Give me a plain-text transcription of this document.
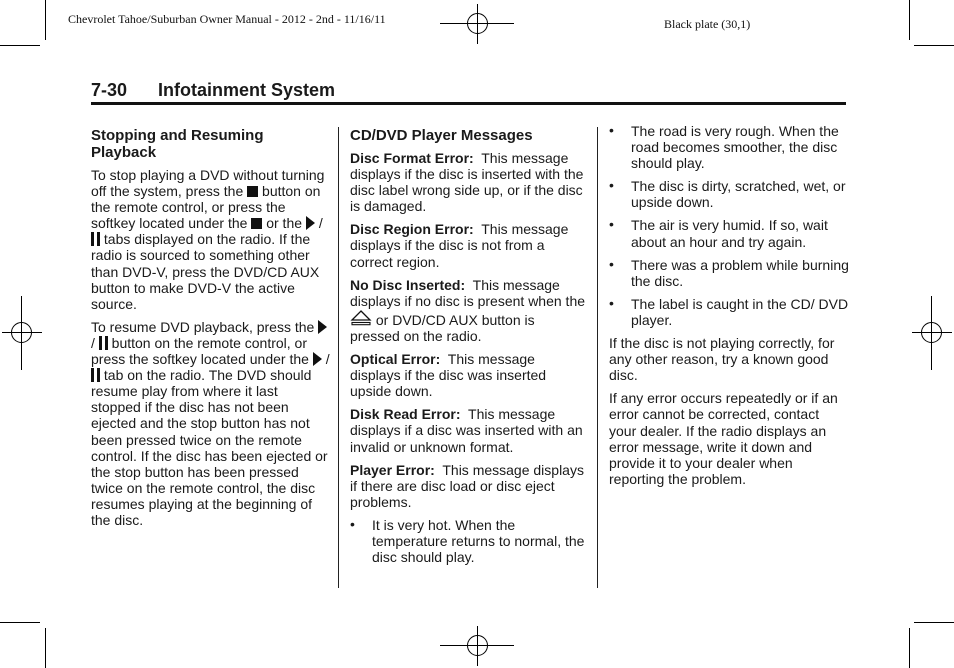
Chevrolet Tahoe/Suburban Owner Manual - 2012 - 2nd - 11/16/11	Black plate (30,1)
7-30 Infotainment System
Stopping and Resuming Playback

To stop playing a DVD without turning off the system, press the button on the remote control, or press the softkey located under the or the /  tabs displayed on the radio. If the radio is sourced to something other than DVD-V, press the DVD/CD AUX button to make DVD-V the active source.

To resume DVD playback, press the  / button on the remote control, or press the softkey located under the /  tab on the radio. The DVD should resume play from where it last stopped if the disc has not been ejected and the stop button has not been pressed twice on the remote control. If the disc has been ejected or the stop button has been pressed twice on the remote control, the disc resumes playing at the beginning of the disc.

CD/DVD Player Messages

Disc Format Error: This message displays if the disc is inserted with the disc label wrong side up, or if the disc is damaged.

Disc Region Error: This message displays if the disc is not from a correct region.

No Disc Inserted: This message displays if no disc is present when the  or DVD/CD AUX button is pressed on the radio.

Optical Error: This message displays if the disc was inserted upside down.

Disk Read Error: This message displays if a disc was inserted with an invalid or unknown format.

Player Error: This message displays if there are disc load or disc eject problems.

• It is very hot. When the temperature returns to normal, the disc should play.
• The road is very rough. When the road becomes smoother, the disc should play.
• The disc is dirty, scratched, wet, or upside down.
• The air is very humid. If so, wait about an hour and try again.
• There was a problem while burning the disc.
• The label is caught in the CD/ DVD player.

If the disc is not playing correctly, for any other reason, try a known good disc.

If any error occurs repeatedly or if an error cannot be corrected, contact your dealer. If the radio displays an error message, write it down and provide it to your dealer when reporting the problem.
